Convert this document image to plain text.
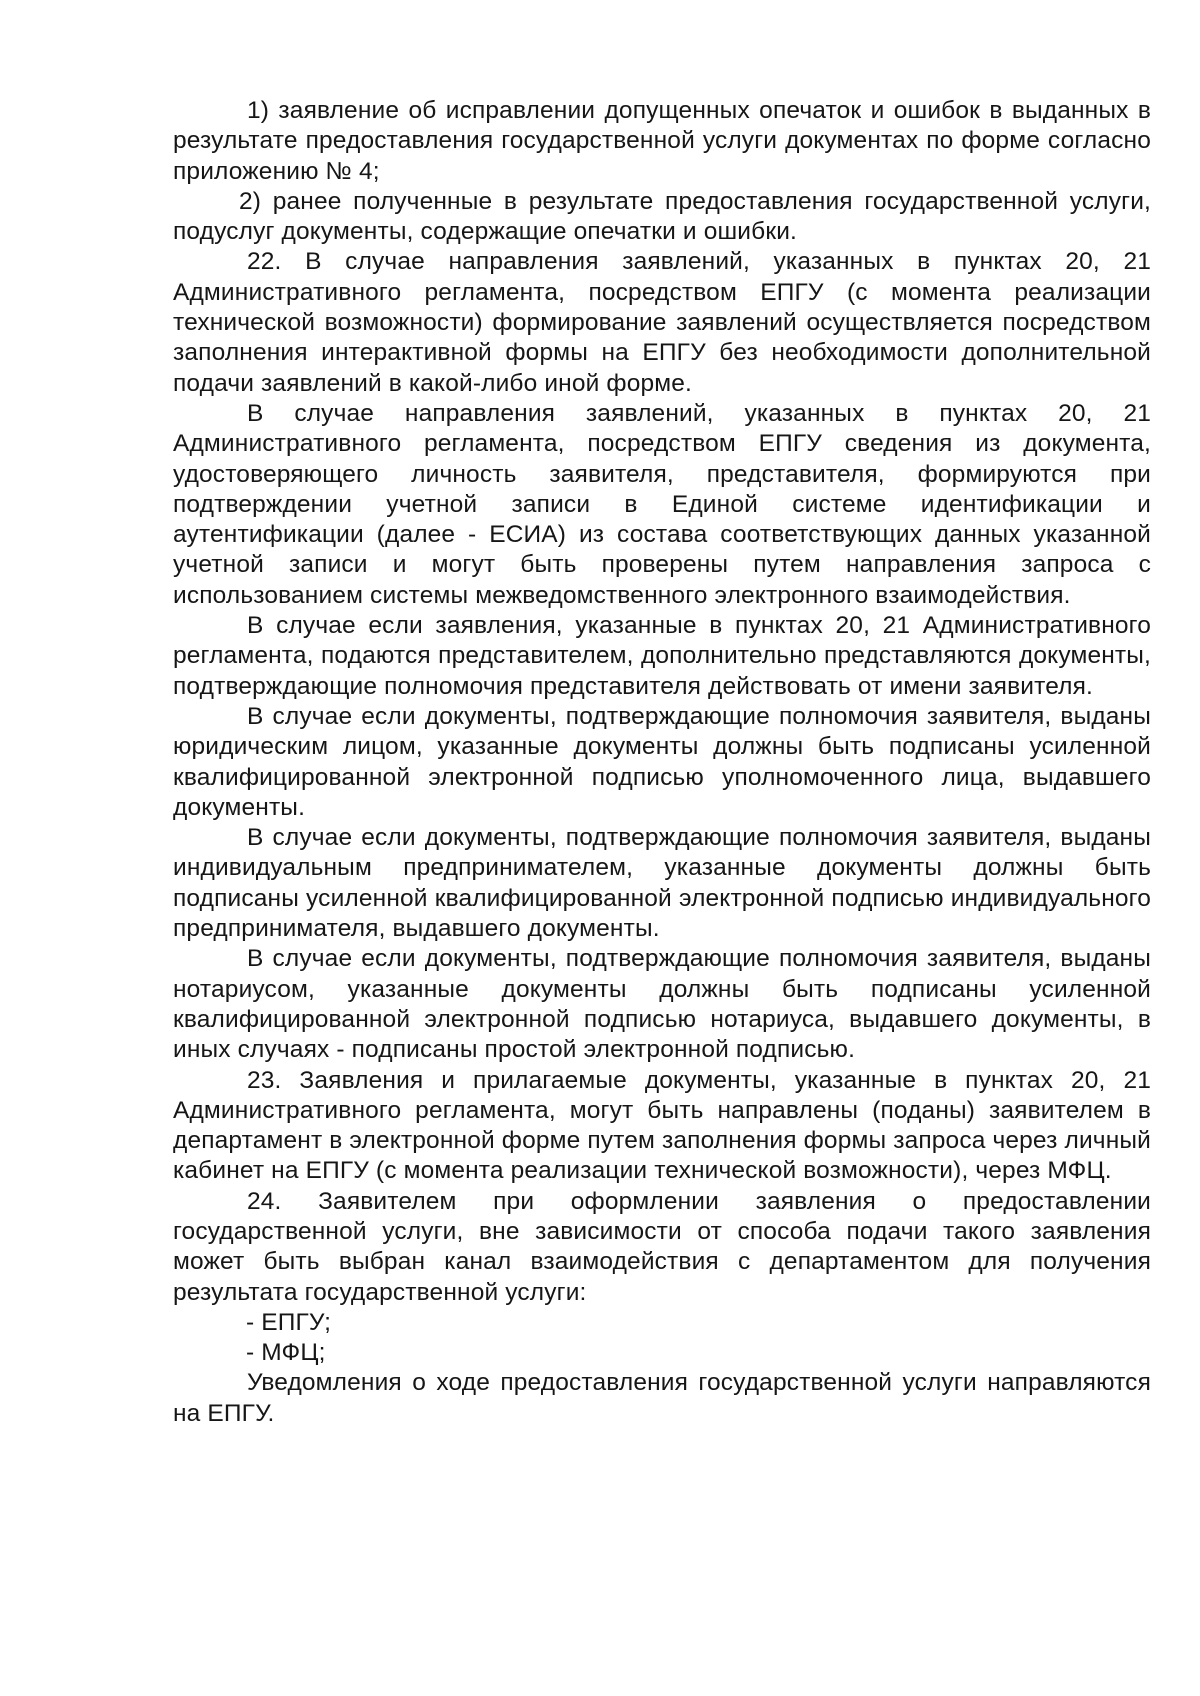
1) заявление об исправлении допущенных опечаток и ошибок в выданных в результате предоставления государственной услуги документах по форме согласно приложению № 4;

2) ранее полученные в результате предоставления государственной услуги, подуслуг документы, содержащие опечатки и ошибки.

22. В случае направления заявлений, указанных в пунктах 20, 21 Административного регламента, посредством ЕПГУ (с момента реализации технической возможности) формирование заявлений осуществляется посредством заполнения интерактивной формы на ЕПГУ без необходимости дополнительной подачи заявлений в какой-либо иной форме.

В случае направления заявлений, указанных в пунктах 20, 21 Административного регламента, посредством ЕПГУ сведения из документа, удостоверяющего личность заявителя, представителя, формируются при подтверждении учетной записи в Единой системе идентификации и аутентификации (далее - ЕСИА) из состава соответствующих данных указанной учетной записи и могут быть проверены путем направления запроса с использованием системы межведомственного электронного взаимодействия.

В случае если заявления, указанные в пунктах 20, 21 Административного регламента, подаются представителем, дополнительно представляются документы, подтверждающие полномочия представителя действовать от имени заявителя.

В случае если документы, подтверждающие полномочия заявителя, выданы юридическим лицом, указанные документы должны быть подписаны усиленной квалифицированной электронной подписью уполномоченного лица, выдавшего документы.

В случае если документы, подтверждающие полномочия заявителя, выданы индивидуальным предпринимателем, указанные документы должны быть подписаны усиленной квалифицированной электронной подписью индивидуального предпринимателя, выдавшего документы.

В случае если документы, подтверждающие полномочия заявителя, выданы нотариусом, указанные документы должны быть подписаны усиленной квалифицированной электронной подписью нотариуса, выдавшего документы, в иных случаях - подписаны простой электронной подписью.

23. Заявления и прилагаемые документы, указанные в пунктах 20, 21 Административного регламента, могут быть направлены (поданы) заявителем в департамент в электронной форме путем заполнения формы запроса через личный кабинет на ЕПГУ (с момента реализации технической возможности), через МФЦ.

24. Заявителем при оформлении заявления о предоставлении государственной услуги, вне зависимости от способа подачи такого заявления может быть выбран канал взаимодействия с департаментом для получения результата государственной услуги:

- ЕПГУ;

- МФЦ;

Уведомления о ходе предоставления государственной услуги направляются на ЕПГУ.
